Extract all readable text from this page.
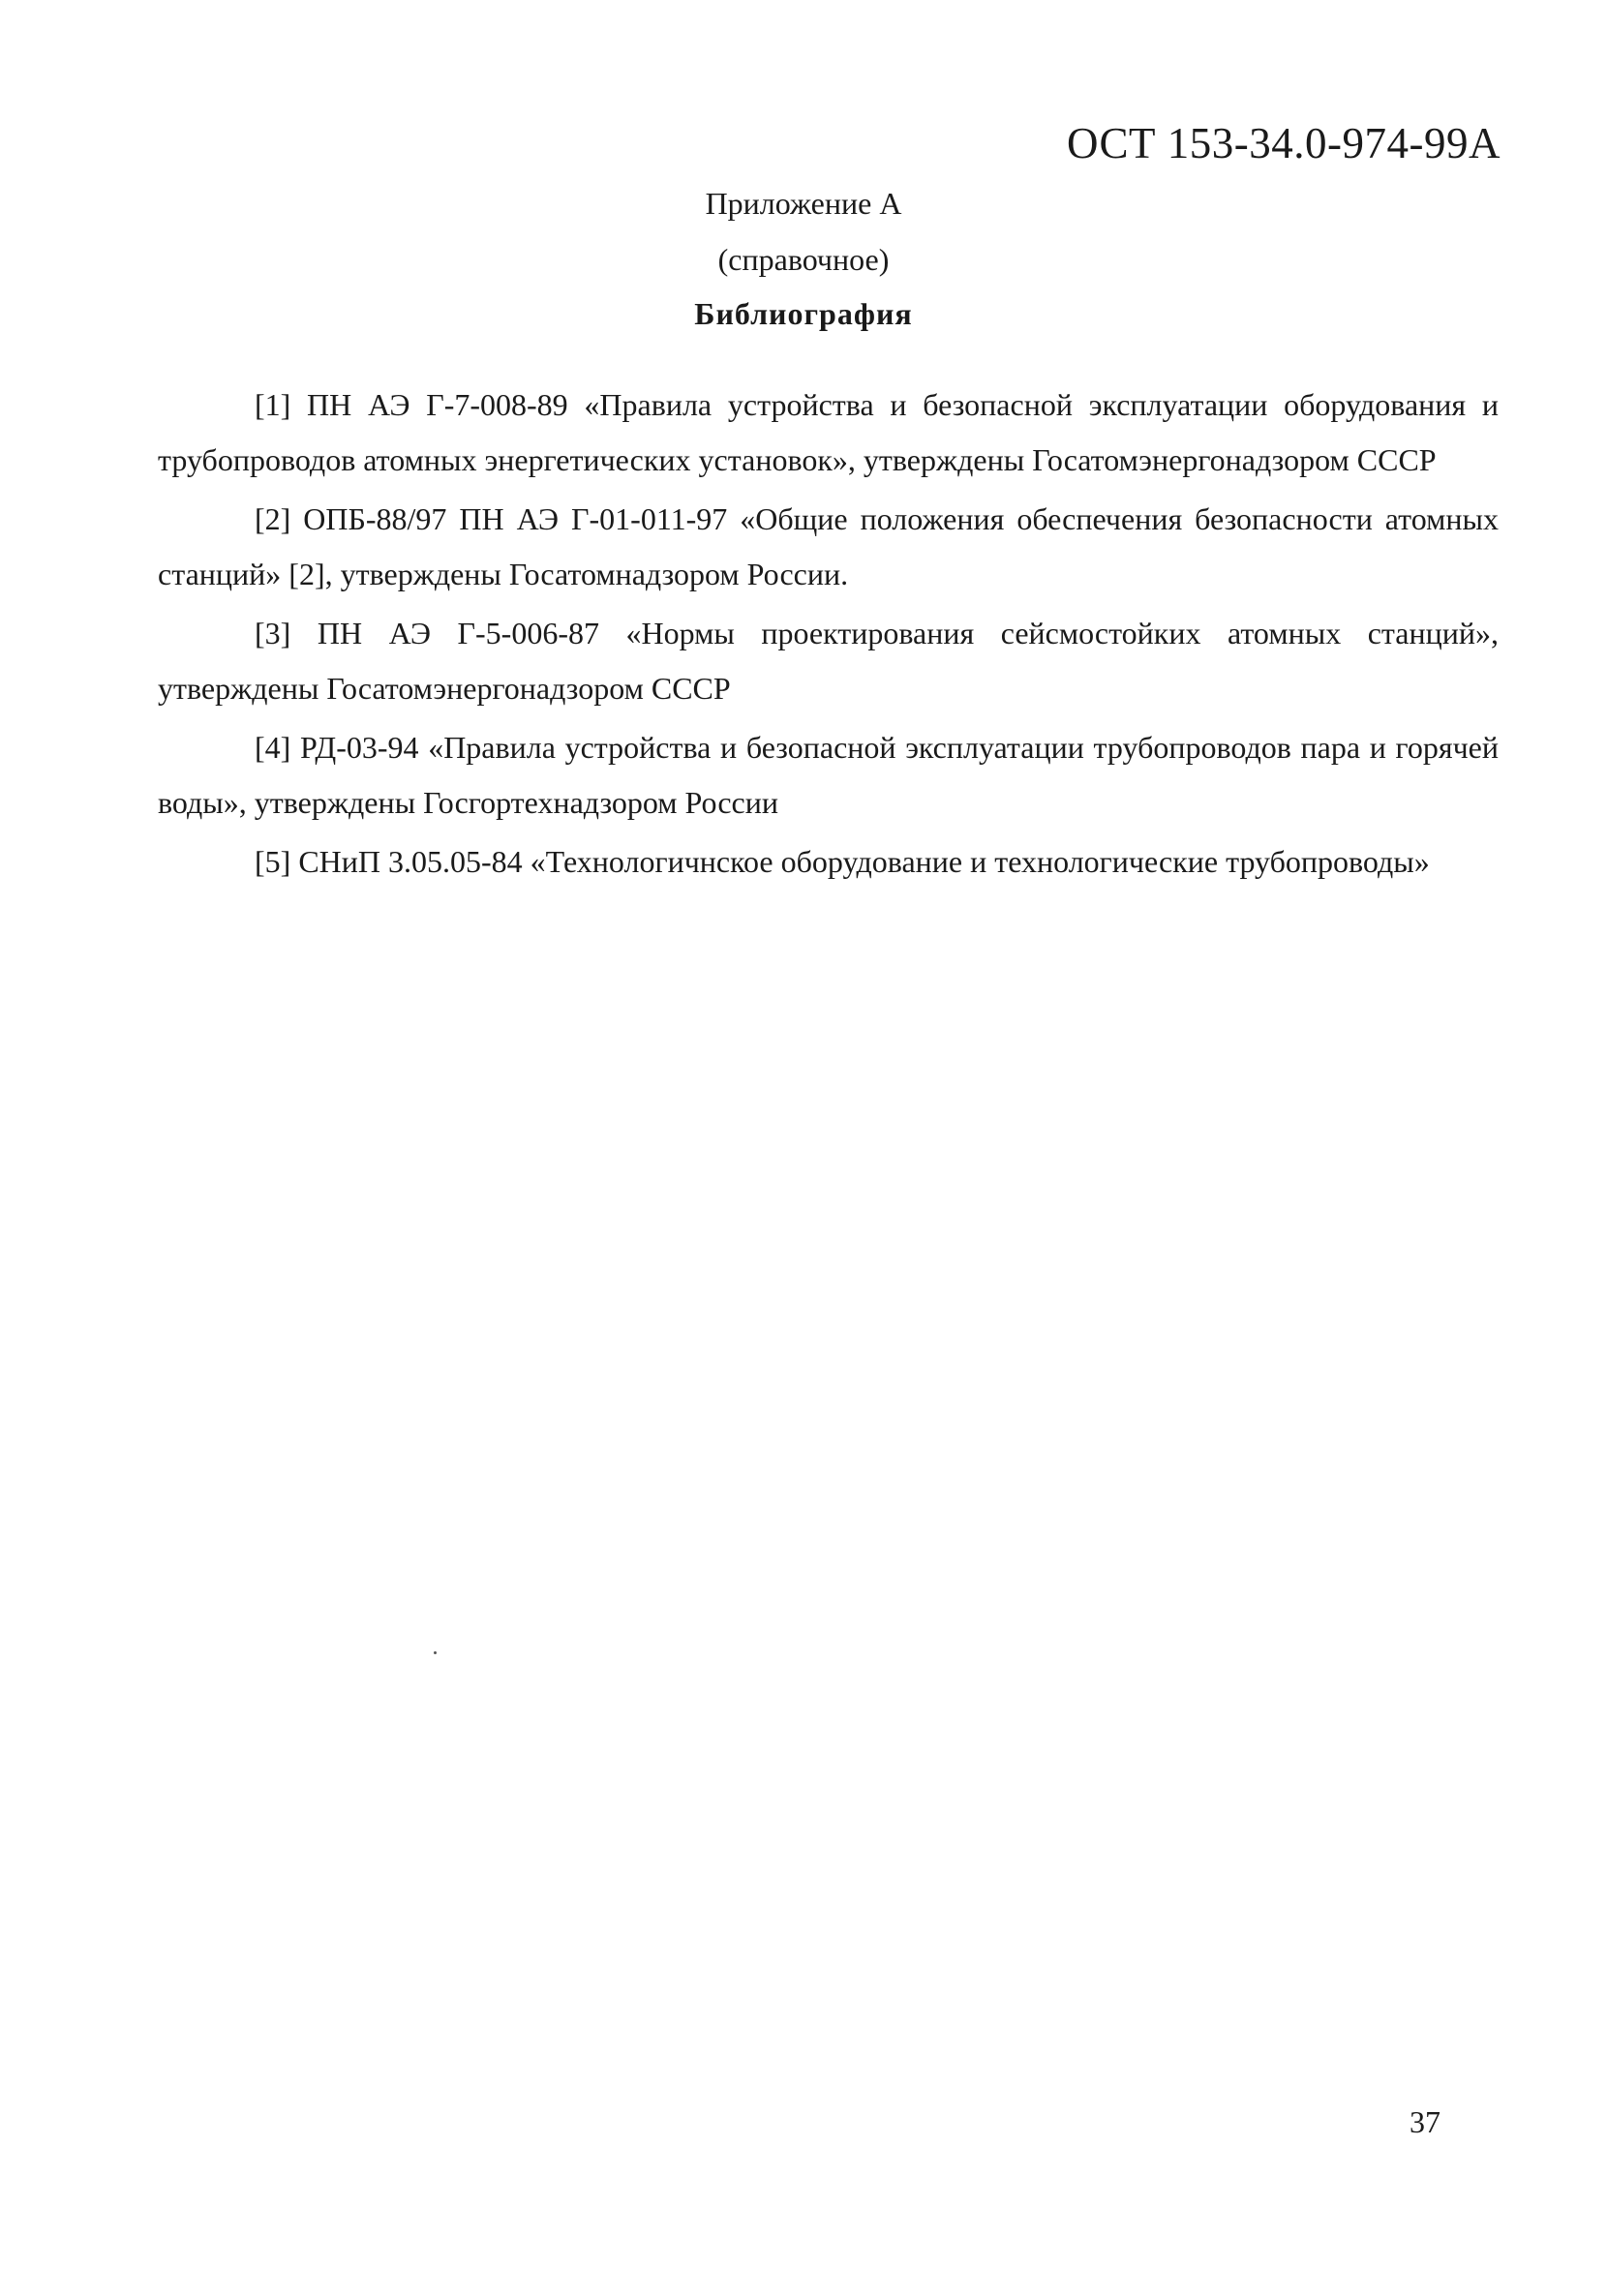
ОСТ 153-34.0-974-99А
Приложение А
(справочное)
Библиография
[1] ПН АЭ Г-7-008-89 «Правила устройства и безопасной эксплуатации оборудования и трубопроводов атомных энергетических установок», утверждены Госатомэнергонадзором СССР
[2] ОПБ-88/97 ПН АЭ Г-01-011-97 «Общие положения обеспечения безопасности атомных станций» [2], утверждены Госатомнадзором России.
[3] ПН АЭ Г-5-006-87 «Нормы проектирования сейсмостойких атомных станций», утверждены Госатомэнергонадзором СССР
[4] РД-03-94 «Правила устройства и безопасной эксплуатации трубопроводов пара и горячей воды», утверждены Госгортехнадзором России
[5] СНиП 3.05.05-84 «Технологичнское оборудование и технологические трубопроводы»
37
